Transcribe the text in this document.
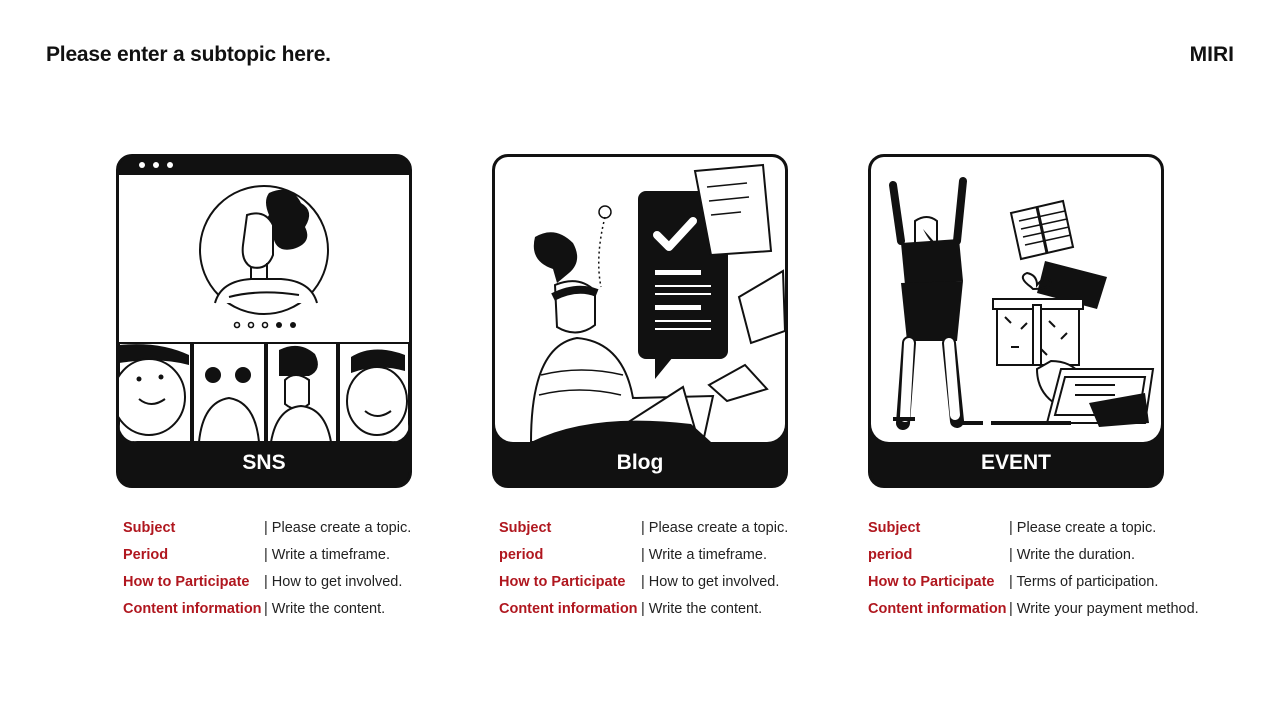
Please enter a subtopic here.	MIRI
SNS	Blog	EVENT
Subject	| Please create a topic.
Period	| Write a timeframe.
How to Participate | How to get involved.
Content information | Write the content.
Subject	| Please create a topic.
period	| Write a timeframe.
How to Participate | How to get involved.
Content information | Write the content.
Subject	| Please create a topic.
period	| Write the duration.
How to Participate | Terms of participation.
Content information | Write your payment method.
